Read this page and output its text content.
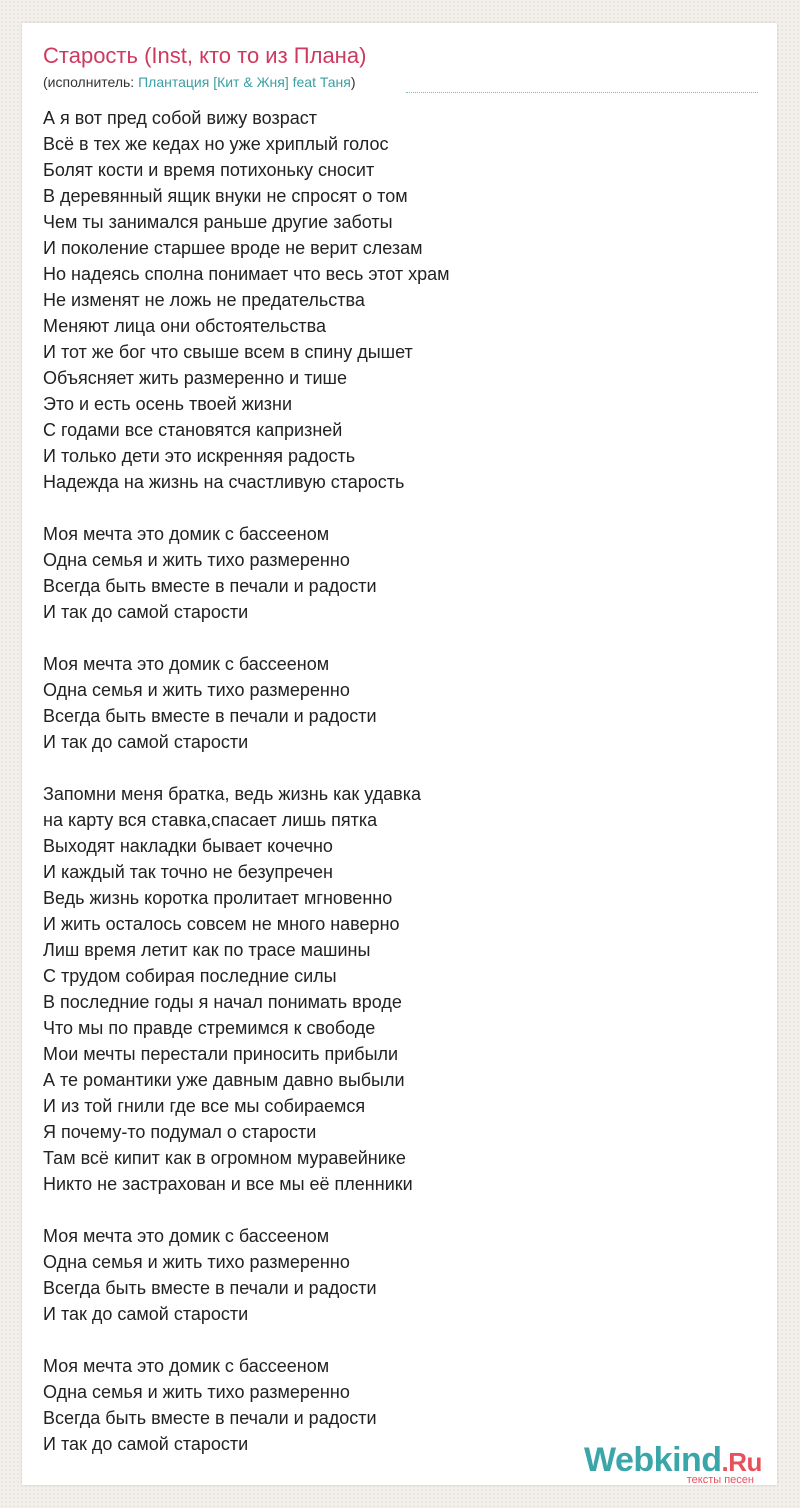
Старость (Inst, кто то из Плана)
(исполнитель: Плантация [Кит & Жня] feat Таня)
А я вот пред собой вижу возраст
Всё в тех же кедах но уже хриплый голос
Болят кости и время потихоньку сносит
В деревянный ящик внуки не спросят о том
Чем ты занимался раньше другие заботы
И поколение старшее вроде не верит слезам
Но надеясь сполна понимает что весь этот храм
Не изменят не ложь не предательства
Меняют лица они обстоятельства
И тот же бог что свыше всем в спину дышет
Объясняет жить размеренно и тише
Это и есть осень твоей жизни
С годами все становятся капризней
И только дети это искренняя радость
Надежда на жизнь на счастливую старость
Моя мечта это домик с бассееном
Одна семья и жить тихо размеренно
Всегда быть вместе в печали и радости
И так до самой старости
Моя мечта это домик с бассееном
Одна семья и жить тихо размеренно
Всегда быть вместе в печали и радости
И так до самой старости
Запомни меня братка, ведь жизнь как удавка
на карту вся ставка,спасает лишь пятка
Выходят накладки бывает кочечно
И каждый так точно не безупречен
Ведь жизнь коротка пролитает мгновенно
И жить осталось совсем не много наверно
Лиш время летит как по трасе машины
С трудом собирая последние силы
В последние годы я начал понимать вроде
Что мы по правде стремимся к свободе
Мои мечты перестали приносить прибыли
А те романтики уже давным давно выбыли
И из той гнили где все мы собираемся
Я почему-то подумал о старости
Там всё кипит как в огромном муравейнике
Никто не застрахован и все мы её пленники
Моя мечта это домик с бассееном
Одна семья и жить тихо размеренно
Всегда быть вместе в печали и радости
И так до самой старости
Моя мечта это домик с бассееном
Одна семья и жить тихо размеренно
Всегда быть вместе в печали и радости
И так до самой старости	Webkind.Ru
тексты песен
